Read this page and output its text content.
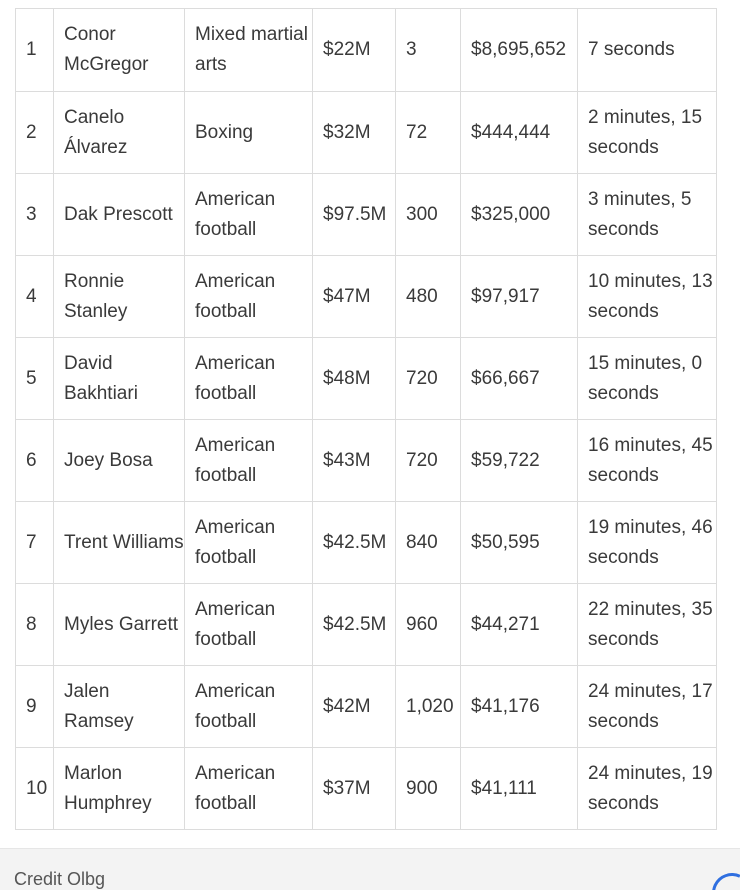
1	Conor McGregor	Mixed martial arts	$22M	3	$8,695,652	7 seconds
2	Canelo Álvarez	Boxing	$32M	72	$444,444	2 minutes, 15 seconds
3	Dak Prescott	American football	$97.5M	300	$325,000	3 minutes, 5 seconds
4	Ronnie Stanley	American football	$47M	480	$97,917	10 minutes, 13 seconds
5	David Bakhtiari	American football	$48M	720	$66,667	15 minutes, 0 seconds
6	Joey Bosa	American football	$43M	720	$59,722	16 minutes, 45 seconds
7	Trent Williams	American football	$42.5M	840	$50,595	19 minutes, 46 seconds
8	Myles Garrett	American football	$42.5M	960	$44,271	22 minutes, 35 seconds
9	Jalen Ramsey	American football	$42M	1,020	$41,176	24 minutes, 17 seconds
10	Marlon Humphrey	American football	$37M	900	$41,111	24 minutes, 19 seconds
Credit Olbg
